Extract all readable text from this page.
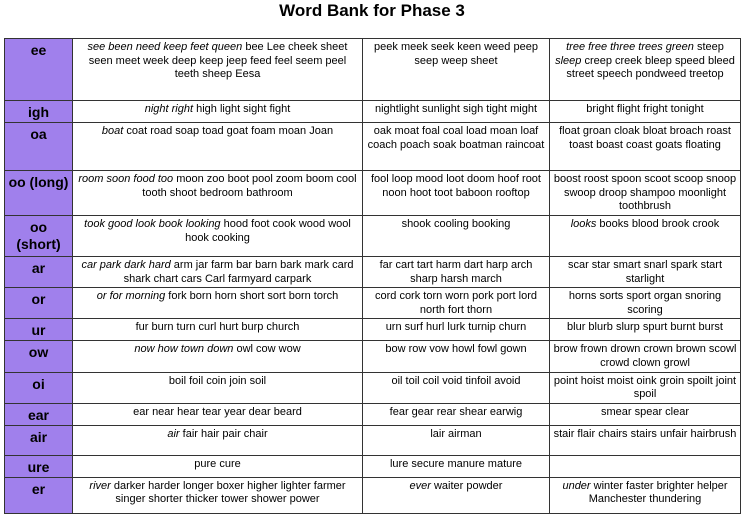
Word Bank for Phase 3
ee	see been need keep feet queen bee Lee cheek sheet seen meet week deep keep jeep feed feel seem peel teeth sheep Eesa	peek meek seek keen weed peep seep weep sheet	tree free three trees green steep sleep creep creek bleep speed bleed street speech pondweed treetop
igh	night right high light sight fight	nightlight sunlight sigh tight might	bright flight fright tonight
oa	boat coat road soap toad goat foam moan Joan	oak moat foal coal load moan loaf coach poach soak boatman raincoat	float groan cloak bloat broach roast toast boast coast goats floating
oo (long)	room soon food too moon zoo boot pool zoom boom cool tooth shoot bedroom bathroom	fool loop mood loot doom hoof root noon hoot toot baboon rooftop	boost roost spoon scoot scoop snoop swoop droop shampoo moonlight toothbrush
oo (short)	took good look book looking hood foot cook wood wool hook cooking	shook cooling booking	looks books blood brook crook
ar	car park dark hard arm jar farm bar barn bark mark card shark chart cars Carl farmyard carpark	far cart tart harm dart harp arch sharp harsh march	scar star smart snarl spark start starlight
or	or for morning fork born horn short sort born torch	cord cork torn worn pork port lord north fort thorn	horns sorts sport organ snoring scoring
ur	fur burn turn curl hurt burp church	urn surf hurl lurk turnip churn	blur blurb slurp spurt burnt burst
ow	now how town down owl cow wow	bow row vow howl fowl gown	brow frown drown crown brown scowl crowd clown growl
oi	boil foil coin join soil	oil toil coil void tinfoil avoid	point hoist moist oink groin spoilt joint spoil
ear	ear near hear tear year dear beard	fear gear rear shear earwig	smear spear clear
air	air fair hair pair chair	lair airman	stair flair chairs stairs unfair hairbrush
ure	pure cure	lure secure manure mature	
er	river darker harder longer boxer higher lighter farmer singer shorter thicker tower shower power	ever waiter powder	under winter faster brighter helper Manchester thundering
